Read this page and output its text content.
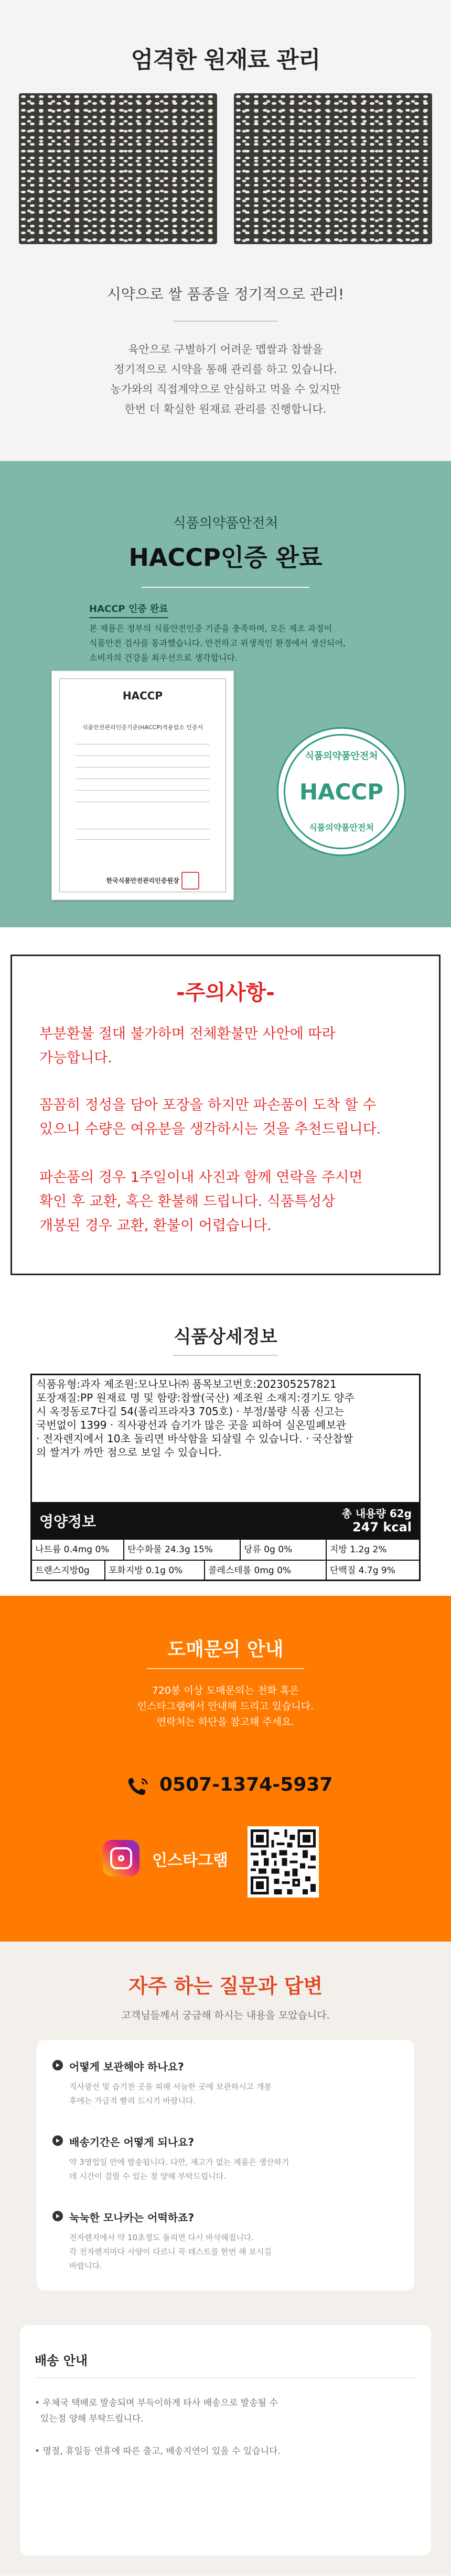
엄격한 원재료 관리
시약으로 쌀 품종을 정기적으로 관리!
육안으로 구별하기 어려운 멥쌀과 찹쌀을
정기적으로 시약을 통해 관리를 하고 있습니다.
농가와의 직접계약으로 안심하고 먹을 수 있지만
한번 더 확실한 원재료 관리를 진행합니다.
식품의약품안전처
HACCP인증 완료
HACCP 인증 완료
본 제품은 정부의 식품안전인증 기준을 충족하며, 모든 제조 과정이
식품안전 검사를 통과했습니다. 안전하고 위생적인 환경에서 생산되어,
소비자의 건강을 최우선으로 생각합니다.
HACCP
식품안전관리인증기준(HACCP)적용업소 인증서
한국식품안전관리인증원장
식품의약품안전처
HACCP
식품의약품안전처
-주의사항-
부분환불 절대 불가하며 전체환불만 사안에 따라
가능합니다.
꼼꼼히 정성을 담아 포장을 하지만 파손품이 도착 할 수
있으니 수량은 여유분을 생각하시는 것을 추천드립니다.
파손품의 경우 1주일이내 사진과 함께 연락을 주시면
확인 후 교환, 혹은 환불해 드립니다. 식품특성상
개봉된 경우 교환, 환불이 어렵습니다.
식품상세정보
식품유형:과자 제조원:모나모나㈜ 품목보고번호:202305257821
포장재질:PP 원재료 명 및 함량:찹쌀(국산) 제조원 소재지:경기도 양주
시 옥정동로7다길 54(폴리프라자3 705호) · 부정/불량 식품 신고는
국번없이 1399 · 직사광선과 습기가 많은 곳을 피하여 실온밀폐보관
· 전자렌지에서 10초 돌리면 바삭함을 되살릴 수 있습니다. · 국산찹쌀
의 쌀겨가 까만 점으로 보일 수 있습니다.
영양정보	총 내용량 62g
247 kcal
나트륨 0.4mg 0%	탄수화물 24.3g 15%	당류 0g 0%	지방 1.2g 2%
트랜스지방0g	포화지방 0.1g 0%	콜레스테롤 0mg 0%	단백질 4.7g 9%
도매문의 안내
720봉 이상 도매문의는 전화 혹은
인스타그램에서 안내해 드리고 있습니다.
연락처는 하단을 참고해 주세요.
0507-1374-5937
인스타그램
자주 하는 질문과 답변
고객님들께서 궁금해 하시는 내용을 모았습니다.
어떻게 보관해야 하나요?
직사광선 및 습기찬 곳을 피해 서늘한 곳에 보관하시고 개봉
후에는 가급적 빨리 드시기 바랍니다.
배송기간은 어떻게 되나요?
약 3영업일 안에 발송됩니다. 다만, 재고가 없는 제품은 생산하기
데 시간이 걸릴 수 있는 점 양해 부탁드립니다.
눅눅한 모나카는 어떡하죠?
전자렌지에서 약 10초정도 돌리면 다시 바삭해집니다.
각 전자렌지마다 사양이 다르니 꼭 테스트를 한번 해 보시길
바랍니다.
배송 안내
• 우체국 택배로 발송되며 부득이하게 타사 배송으로 발송될 수
있는점 양해 부탁드립니다.
• 명절, 휴일등 연휴에 따른 출고, 배송지연이 있을 수 있습니다.
